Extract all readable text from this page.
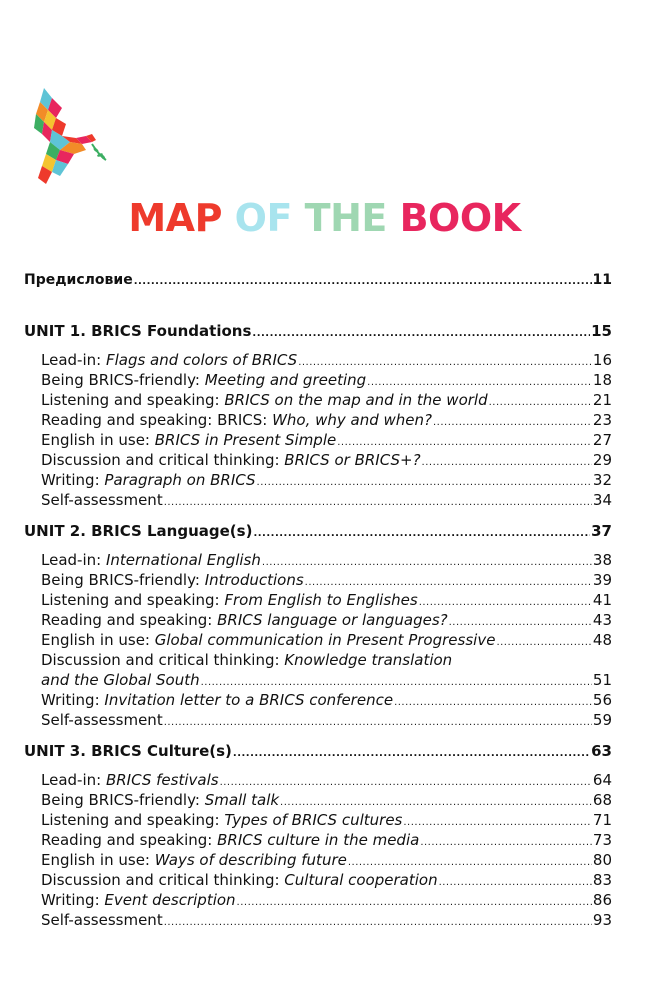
MAP OF THE BOOK
Предисловие .....	11
UNIT 1. BRICS Foundations .....	15
Lead-in: Flags and colors of BRICS .....	16
Being BRICS-friendly: Meeting and greeting .....	18
Listening and speaking: BRICS on the map and in the world .....	21
Reading and speaking: BRICS: Who, why and when? .....	23
English in use: BRICS in Present Simple .....	27
Discussion and critical thinking: BRICS or BRICS+? .....	29
Writing: Paragraph on BRICS .....	32
Self-assessment .....	34
UNIT 2. BRICS Language(s) .....	37
Lead-in: International English .....	38
Being BRICS-friendly: Introductions .....	39
Listening and speaking: From English to Englishes .....	41
Reading and speaking: BRICS language or languages? .....	43
English in use: Global communication in Present Progressive .....	48
Discussion and critical thinking: Knowledge translation
and the Global South .....	51
Writing: Invitation letter to a BRICS conference .....	56
Self-assessment .....	59
UNIT 3. BRICS Culture(s) .....	63
Lead-in: BRICS festivals .....	64
Being BRICS-friendly: Small talk .....	68
Listening and speaking: Types of BRICS cultures .....	71
Reading and speaking: BRICS culture in the media .....	73
English in use: Ways of describing future .....	80
Discussion and critical thinking: Cultural cooperation .....	83
Writing: Event description .....	86
Self-assessment .....	93
